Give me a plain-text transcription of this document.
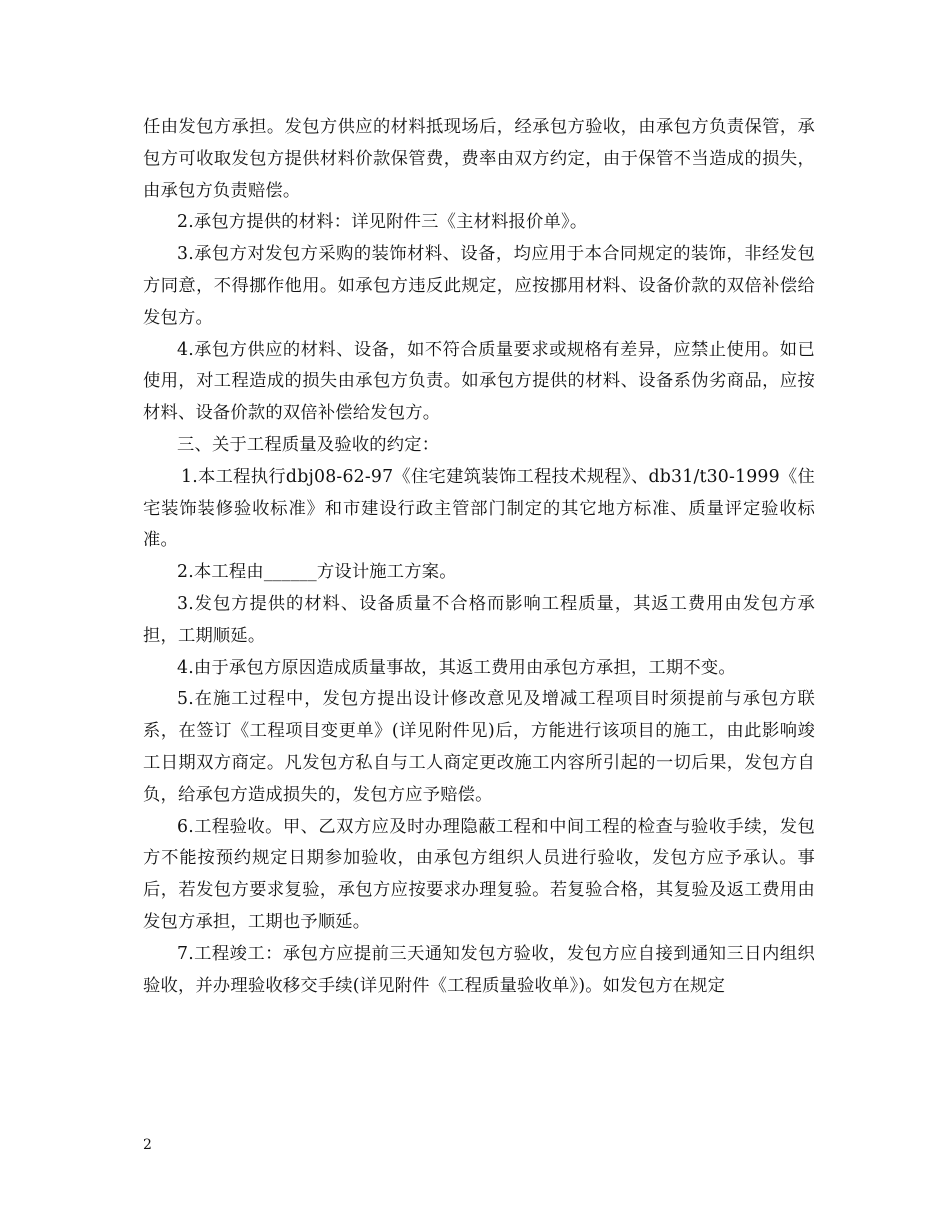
任由发包方承担。发包方供应的材料抵现场后，经承包方验收，由承包方负责保管，承包方可收取发包方提供材料价款保管费，费率由双方约定，由于保管不当造成的损失，由承包方负责赔偿。

2.承包方提供的材料：详见附件三《主材料报价单》。

3.承包方对发包方采购的装饰材料、设备，均应用于本合同规定的装饰，非经发包方同意，不得挪作他用。如承包方违反此规定，应按挪用材料、设备价款的双倍补偿给发包方。

4.承包方供应的材料、设备，如不符合质量要求或规格有差异，应禁止使用。如已使用，对工程造成的损失由承包方负责。如承包方提供的材料、设备系伪劣商品，应按材料、设备价款的双倍补偿给发包方。

三、关于工程质量及验收的约定：

1.本工程执行dbj08-62-97《住宅建筑装饰工程技术规程》、db31/t30-1999《住宅装饰装修验收标准》和市建设行政主管部门制定的其它地方标准、质量评定验收标准。

2.本工程由______方设计施工方案。

3.发包方提供的材料、设备质量不合格而影响工程质量，其返工费用由发包方承担，工期顺延。

4.由于承包方原因造成质量事故，其返工费用由承包方承担，工期不变。

5.在施工过程中，发包方提出设计修改意见及增减工程项目时须提前与承包方联系，在签订《工程项目变更单》(详见附件见)后，方能进行该项目的施工，由此影响竣工日期双方商定。凡发包方私自与工人商定更改施工内容所引起的一切后果，发包方自负，给承包方造成损失的，发包方应予赔偿。

6.工程验收。甲、乙双方应及时办理隐蔽工程和中间工程的检查与验收手续，发包方不能按预约规定日期参加验收，由承包方组织人员进行验收，发包方应予承认。事后，若发包方要求复验，承包方应按要求办理复验。若复验合格，其复验及返工费用由发包方承担，工期也予顺延。

7.工程竣工：承包方应提前三天通知发包方验收，发包方应自接到通知三日内组织验收，并办理验收移交手续(详见附件《工程质量验收单》)。如发包方在规定

2
